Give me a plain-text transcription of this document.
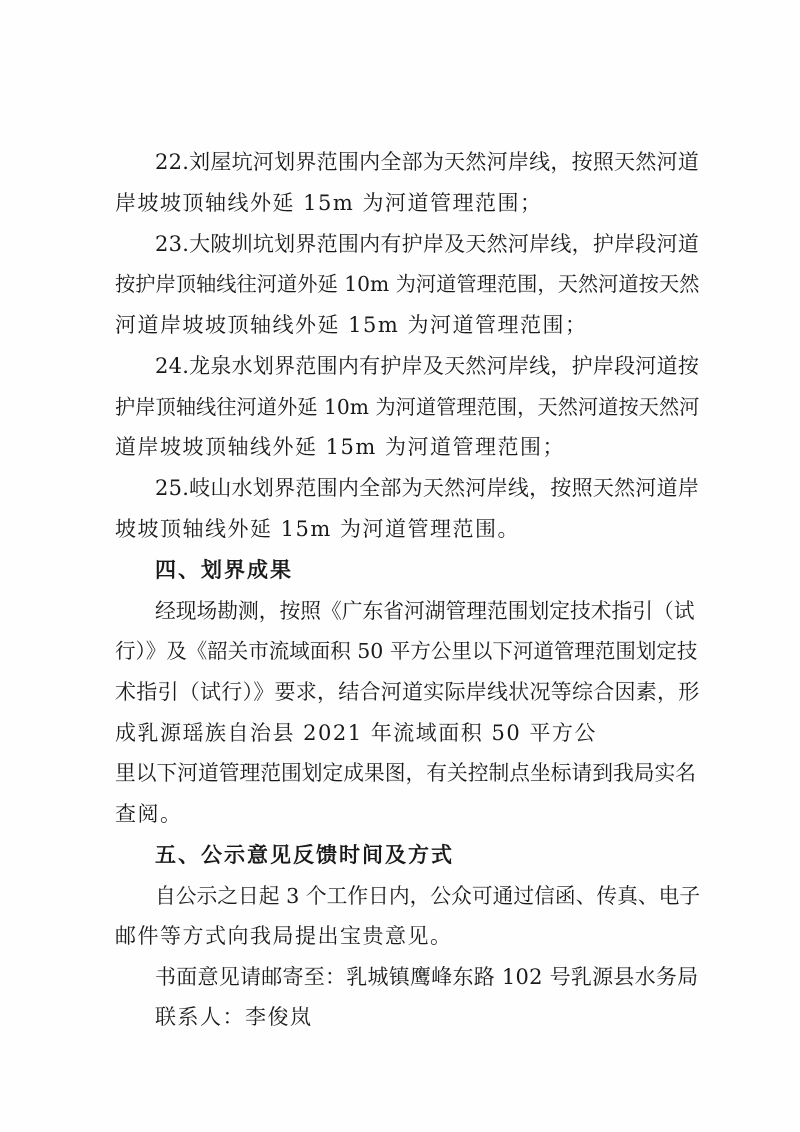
22.刘屋坑河划界范围内全部为天然河岸线，按照天然河道
岸坡坡顶轴线外延 15m 为河道管理范围；
23.大陂圳坑划界范围内有护岸及天然河岸线，护岸段河道
按护岸顶轴线往河道外延 10m 为河道管理范围，天然河道按天然
河道岸坡坡顶轴线外延 15m 为河道管理范围；
24.龙泉水划界范围内有护岸及天然河岸线，护岸段河道按
护岸顶轴线往河道外延 10m 为河道管理范围，天然河道按天然河
道岸坡坡顶轴线外延 15m 为河道管理范围；
25.岐山水划界范围内全部为天然河岸线，按照天然河道岸
坡坡顶轴线外延 15m 为河道管理范围。
四、划界成果
经现场勘测，按照《广东省河湖管理范围划定技术指引（试
行）》及《韶关市流域面积 50 平方公里以下河道管理范围划定技
术指引（试行）》要求，结合河道实际岸线状况等综合因素，形
成乳源瑶族自治县 2021 年流域面积 50 平方公
里以下河道管理范围划定成果图，有关控制点坐标请到我局实名
查阅。
五、公示意见反馈时间及方式
自公示之日起 3 个工作日内，公众可通过信函、传真、电子
邮件等方式向我局提出宝贵意见。
书面意见请邮寄至：乳城镇鹰峰东路 102 号乳源县水务局
联系人：李俊岚
